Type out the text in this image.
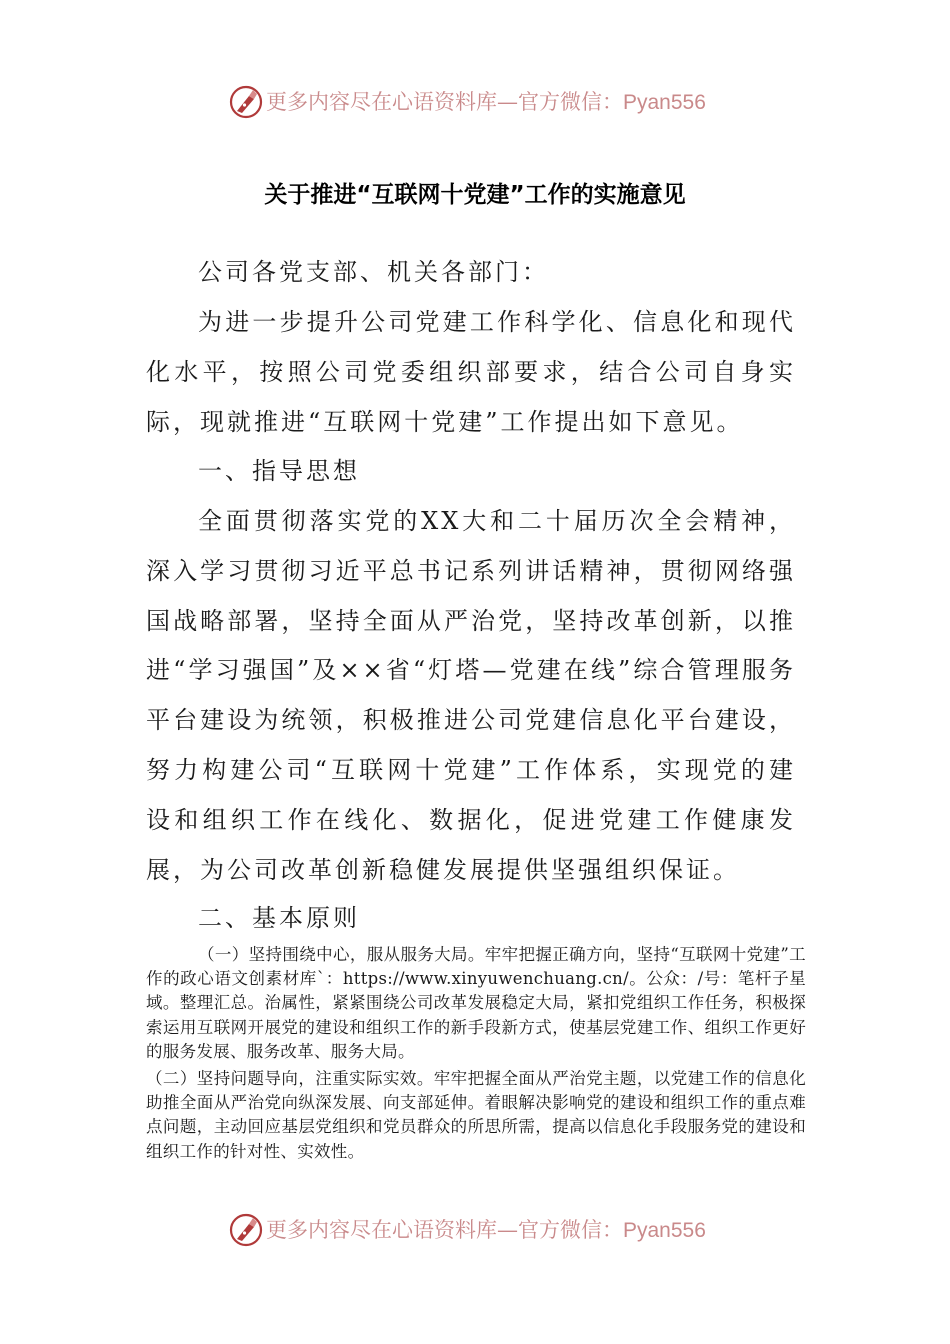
更多内容尽在心语资料库—官方微信：Pyan556
关于推进“互联网十党建”工作的实施意见

公司各党支部、机关各部门：

为进一步提升公司党建工作科学化、信息化和现代化水平，按照公司党委组织部要求，结合公司自身实际，现就推进“互联网十党建”工作提出如下意见。

一、指导思想

全面贯彻落实党的XX大和二十届历次全会精神，深入学习贯彻习近平总书记系列讲话精神，贯彻网络强国战略部署，坚持全面从严治党，坚持改革创新，以推进“学习强国”及××省“灯塔—党建在线”综合管理服务平台建设为统领，积极推进公司党建信息化平台建设，努力构建公司“互联网十党建”工作体系，实现党的建设和组织工作在线化、数据化，促进党建工作健康发展，为公司改革创新稳健发展提供坚强组织保证。

二、基本原则

（一）坚持围绕中心，服从服务大局。牢牢把握正确方向，坚持“互联网十党建”工作的政心语文创素材库`：https://www.xinyuwenchuang.cn/。公众：/号：笔杆子星域。整理汇总。治属性，紧紧围绕公司改革发展稳定大局，紧扣党组织工作任务，积极探索运用互联网开展党的建设和组织工作的新手段新方式，使基层党建工作、组织工作更好的服务发展、服务改革、服务大局。

（二）坚持问题导向，注重实际实效。牢牢把握全面从严治党主题，以党建工作的信息化助推全面从严治党向纵深发展、向支部延伸。着眼解决影响党的建设和组织工作的重点难点问题，主动回应基层党组织和党员群众的所思所需，提高以信息化手段服务党的建设和组织工作的针对性、实效性。

更多内容尽在心语资料库—官方微信：Pyan556
